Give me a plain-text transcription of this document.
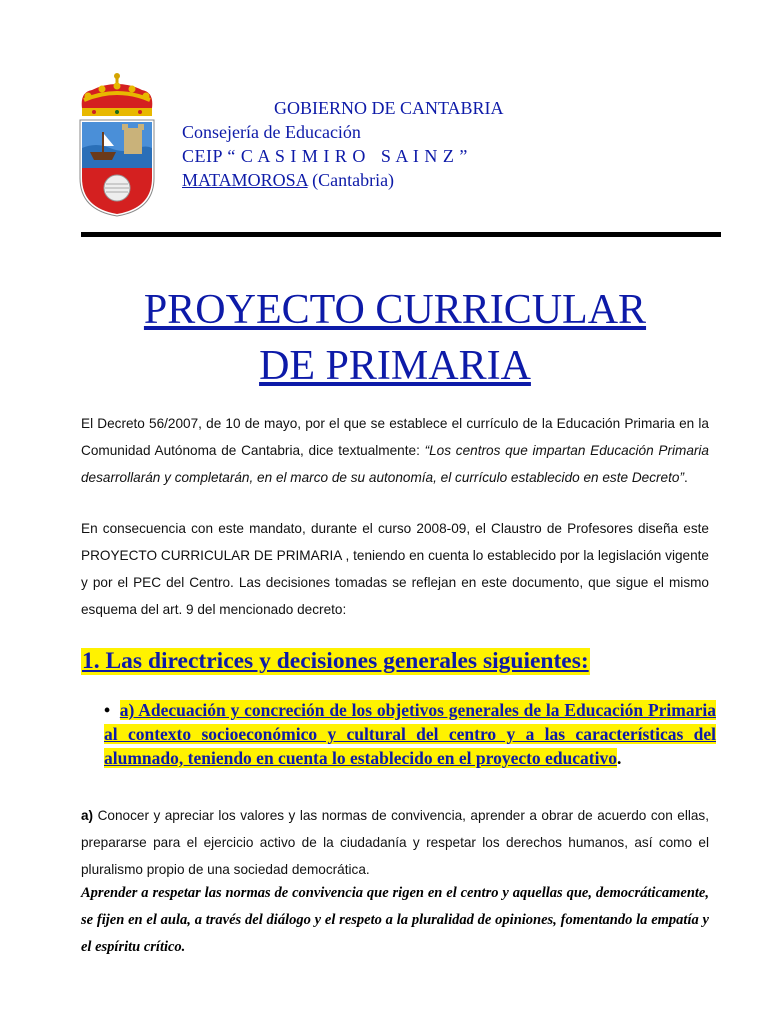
GOBIERNO DE CANTABRIA
Consejería de Educación
CEIP “ C A S I M I R O   S A I N Z ”
MATAMOROSA (Cantabria)
PROYECTO CURRICULAR
DE PRIMARIA
El Decreto 56/2007, de 10 de mayo, por el que se establece el currículo de la Educación Primaria en la Comunidad Autónoma de Cantabria, dice textualmente: “Los centros que impartan Educación Primaria desarrollarán y completarán, en el marco de su autonomía, el currículo establecido en este Decreto”.
En consecuencia con este mandato, durante el curso 2008-09, el Claustro de Profesores diseña este PROYECTO CURRICULAR DE PRIMARIA , teniendo en cuenta lo establecido por la legislación vigente y por el PEC del Centro. Las decisiones tomadas se reflejan en este documento, que sigue el mismo esquema del art. 9 del mencionado decreto:
1. Las directrices y decisiones generales siguientes:
•  a) Adecuación y concreción de los objetivos generales de la Educación Primaria al contexto socioeconómico y cultural del centro y a las características del alumnado, teniendo en cuenta lo establecido en el proyecto educativo.
a) Conocer y apreciar los valores y las normas de convivencia, aprender a obrar de acuerdo con ellas, prepararse para el ejercicio activo de la ciudadanía y respetar los derechos humanos, así como el pluralismo propio de una sociedad democrática.
Aprender a respetar las normas de convivencia que rigen en el centro y aquellas que, democráticamente, se fijen en el aula, a través del diálogo y el respeto a la pluralidad de opiniones, fomentando la empatía y el espíritu crítico.
